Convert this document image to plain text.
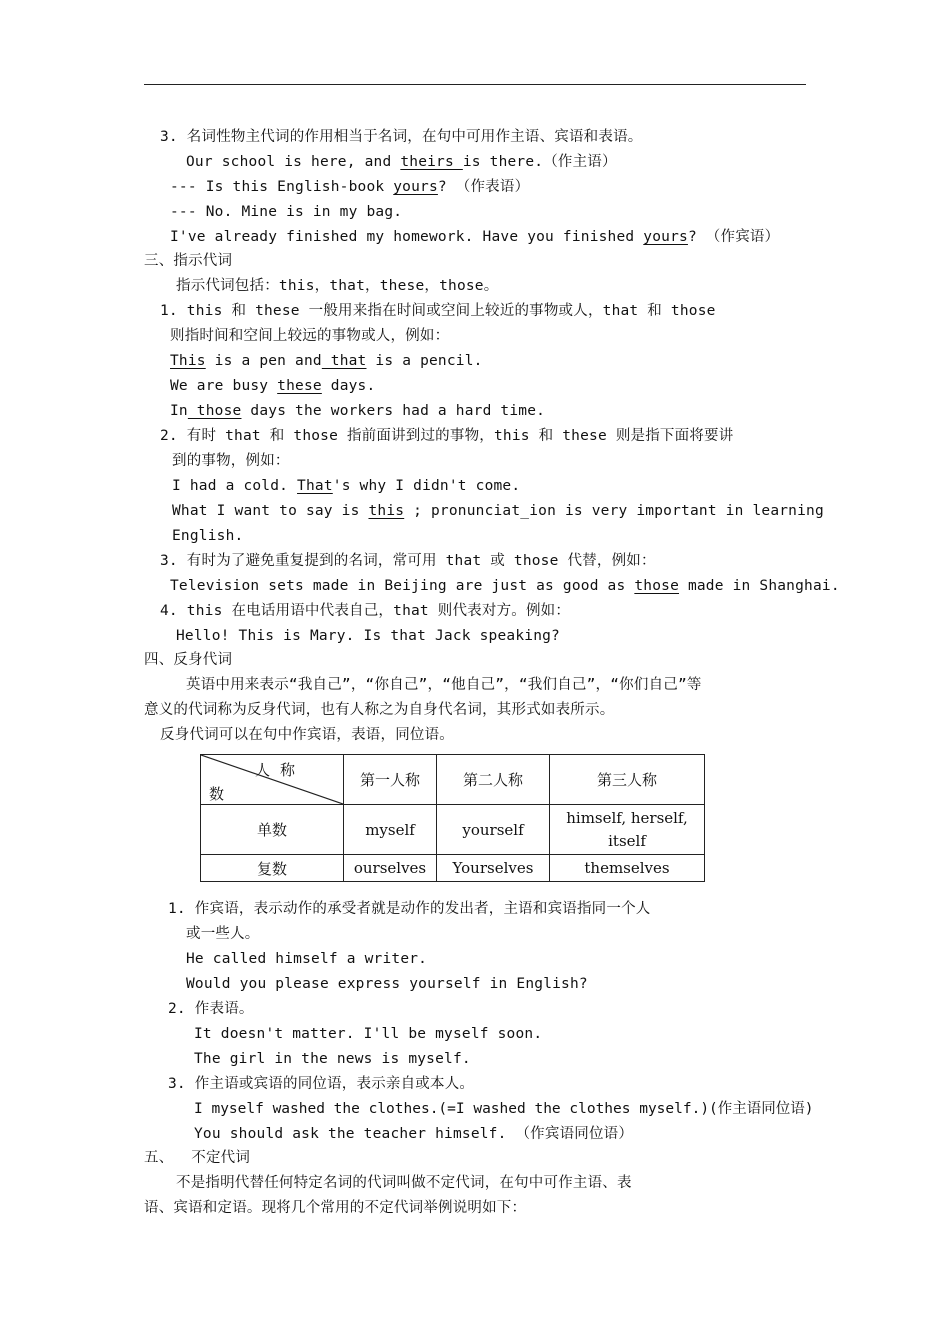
3. 名词性物主代词的作用相当于名词，在句中可用作主语、宾语和表语。
Our school is here, and theirs is there.（作主语）
--- Is this English-book yours? （作表语）
--- No. Mine is in my bag.
I've already finished my homework. Have you finished yours? （作宾语）
三、指示代词
指示代词包括：this，that，these，those。
1. this 和 these 一般用来指在时间或空间上较近的事物或人，that 和 those
则指时间和空间上较远的事物或人，例如：
This is a pen and that is a pencil.
We are busy these days.
In those days the workers had a hard time.
2. 有时 that 和 those 指前面讲到过的事物，this 和 these 则是指下面将要讲
到的事物，例如：
I had a cold. That's why I didn't come.
What I want to say is this ; pronunciat_ion is very important in learning
English.
3. 有时为了避免重复提到的名词，常可用 that 或 those 代替，例如：
Television sets made in Beijing are just as good as those made in Shanghai.
4. this 在电话用语中代表自己，that 则代表对方。例如：
Hello! This is Mary. Is that Jack speaking?
四、反身代词
英语中用来表示“我自己”，“你自己”，“他自己”，“我们自己”，“你们自己”等
意义的代词称为反身代词，也有人称之为自身代名词，其形式如表所示。
反身代词可以在句中作宾语，表语，同位语。
人称
数	第一人称	第二人称	第三人称
单数	myself	yourself	himself, herself,
itself
复数	ourselves	Yourselves	themselves
1. 作宾语，表示动作的承受者就是动作的发出者，主语和宾语指同一个人
或一些人。
He called himself a writer.
Would you please express yourself in English?
2. 作表语。
It doesn't matter. I'll be myself soon.
The girl in the news is myself.
3. 作主语或宾语的同位语，表示亲自或本人。
I myself washed the clothes.(=I washed the clothes myself.)(作主语同位语)
You should ask the teacher himself. （作宾语同位语）
五、  不定代词
不是指明代替任何特定名词的代词叫做不定代词，在句中可作主语、表
语、宾语和定语。现将几个常用的不定代词举例说明如下：
